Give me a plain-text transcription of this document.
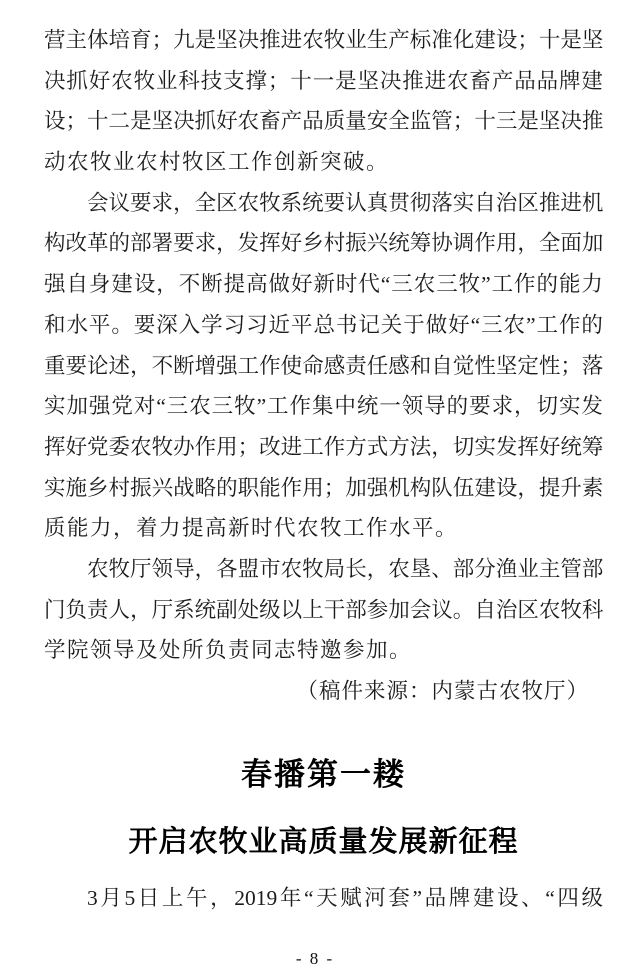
营 主 体 培 育 ； 九 是 坚 决 推 进 农 牧 业 生 产 标 准 化 建 设 ； 十 是 坚
决 抓 好 农 牧 业 科 技 支 撑 ； 十 一 是 坚 决 推 进 农 畜 产 品 品 牌 建
设 ； 十 二 是 坚 决 抓 好 农 畜 产 品 质 量 安 全 监 管 ； 十 三 是 坚 决 推
动农牧业农村牧区工作创新突破。
会 议 要 求 ， 全 区 农 牧 系 统 要 认 真 贯 彻 落 实 自 治 区 推 进 机
构 改 革 的 部 署 要 求 ， 发 挥 好 乡 村 振 兴 统 筹 协 调 作 用 ， 全 面 加
强 自 身 建 设 ， 不 断 提 高 做 好 新 时 代 “ 三 农 三 牧 ” 工 作 的 能 力
和 水 平 。 要 深 入 学 习 习 近 平 总 书 记 关 于 做 好 “ 三 农 ” 工 作 的
重 要 论 述 ， 不 断 增 强 工 作 使 命 感 责 任 感 和 自 觉 性 坚 定 性 ； 落
实 加 强 党 对 “ 三 农 三 牧 ” 工 作 集 中 统 一 领 导 的 要 求 ， 切 实 发
挥 好 党 委 农 牧 办 作 用 ； 改 进 工 作 方 式 方 法 ， 切 实 发 挥 好 统 筹
实 施 乡 村 振 兴 战 略 的 职 能 作 用 ； 加 强 机 构 队 伍 建 设 ， 提 升 素
质能力，着力提高新时代农牧工作水平。
农 牧 厅 领 导 ， 各 盟 市 农 牧 局 长 ， 农 垦 、 部 分 渔 业 主 管 部
门 负 责 人 ， 厅 系 统 副 处 级 以 上 干 部 参 加 会 议 。 自 治 区 农 牧 科
学院领导及处所负责同志特邀参加。
（稿件来源：内蒙古农牧厅）
春播第一耧
开启农牧业高质量发展新征程
3 月 5 日 上 午 ， 2019 年 “ 天 赋 河 套 ” 品 牌 建 设 、 “ 四 级
- 8 -
